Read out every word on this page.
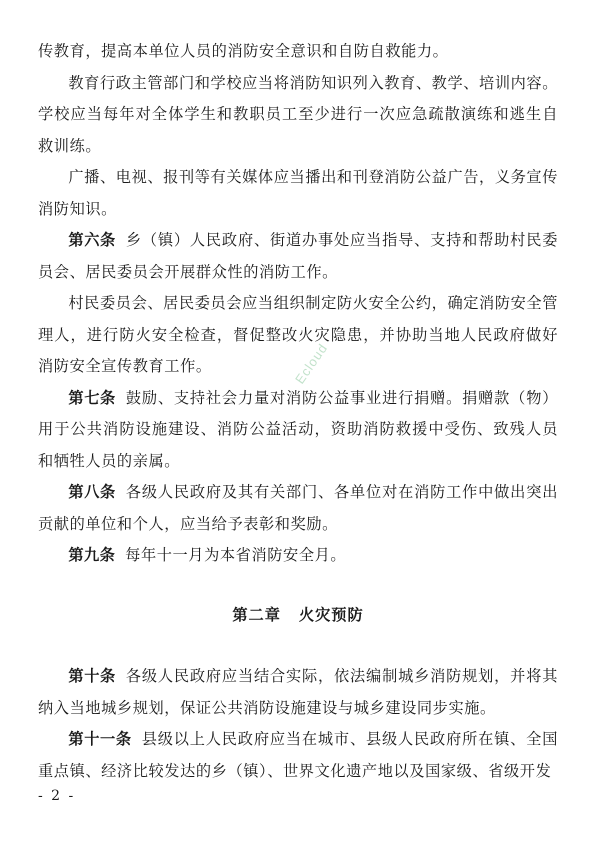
传教育，提高本单位人员的消防安全意识和自防自救能力。

教育行政主管部门和学校应当将消防知识列入教育、教学、培训内容。学校应当每年对全体学生和教职员工至少进行一次应急疏散演练和逃生自救训练。

广播、电视、报刊等有关媒体应当播出和刊登消防公益广告，义务宣传消防知识。

第六条 乡（镇）人民政府、街道办事处应当指导、支持和帮助村民委员会、居民委员会开展群众性的消防工作。

村民委员会、居民委员会应当组织制定防火安全公约，确定消防安全管理人，进行防火安全检查，督促整改火灾隐患，并协助当地人民政府做好消防安全宣传教育工作。

第七条 鼓励、支持社会力量对消防公益事业进行捐赠。捐赠款（物）用于公共消防设施建设、消防公益活动，资助消防救援中受伤、致残人员和牺牲人员的亲属。

第八条 各级人民政府及其有关部门、各单位对在消防工作中做出突出贡献的单位和个人，应当给予表彰和奖励。

第九条 每年十一月为本省消防安全月。

第二章 火灾预防

第十条 各级人民政府应当结合实际，依法编制城乡消防规划，并将其纳入当地城乡规划，保证公共消防设施建设与城乡建设同步实施。

第十一条 县级以上人民政府应当在城市、县级人民政府所在镇、全国重点镇、经济比较发达的乡（镇）、世界文化遗产地以及国家级、省级开发

Ecloud
- 2 -
